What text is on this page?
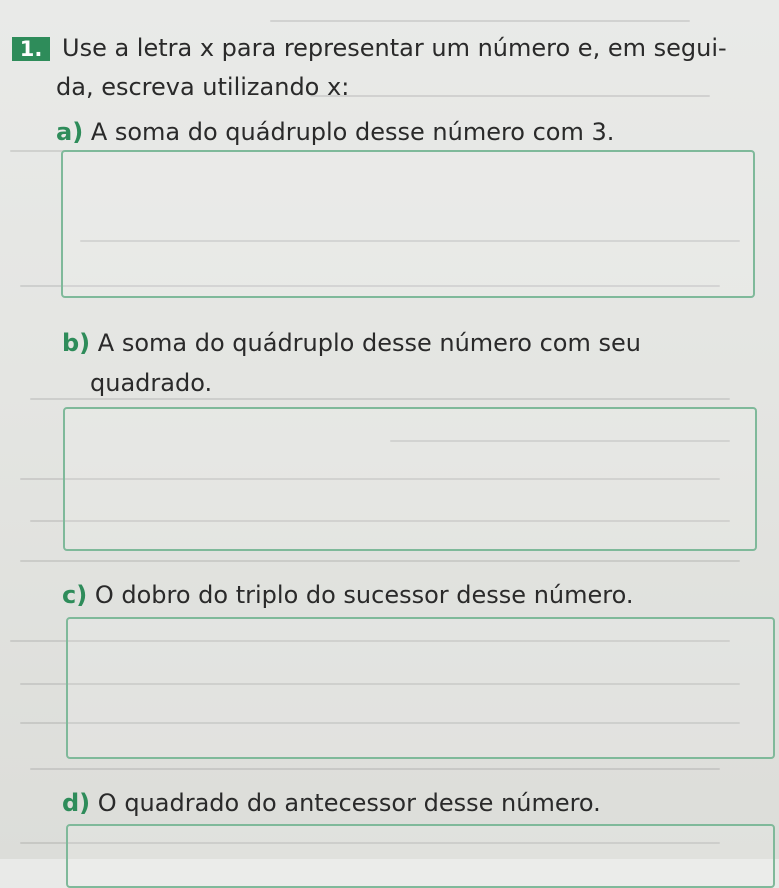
1. Use a letra x para representar um número e, em segui-
da, escreva utilizando x:
a) A soma do quádruplo desse número com 3.
b) A soma do quádruplo desse número com seu
quadrado.
c) O dobro do triplo do sucessor desse número.
d) O quadrado do antecessor desse número.
